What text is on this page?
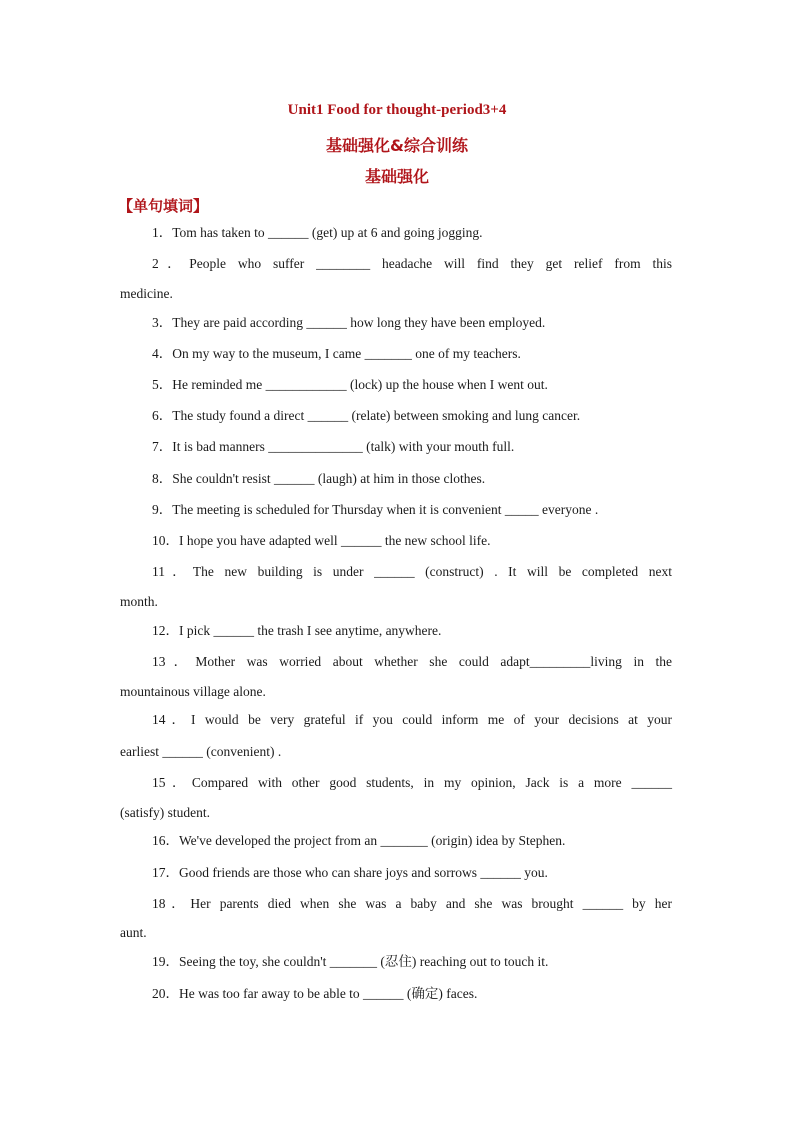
Unit1 Food for thought-period3+4
基础强化&综合训练
基础强化
【单句填词】
1．Tom has taken to ______ (get) up at 6 and going jogging.
2．People who suffer ________ headache will find they get relief from this
medicine.
3．They are paid according ______ how long they have been employed.
4．On my way to the museum, I came _______ one of my teachers.
5．He reminded me ____________ (lock) up the house when I went out.
6．The study found a direct ______ (relate) between smoking and lung cancer.
7．It is bad manners ______________ (talk) with your mouth full.
8．She couldn't resist ______ (laugh) at him in those clothes.
9．The meeting is scheduled for Thursday when it is convenient _____ everyone .
10．I hope you have adapted well ______ the new school life.
11．The new building is under ______ (construct) . It will be completed next
month.
12．I pick ______ the trash I see anytime, anywhere.
13．Mother was worried about whether she could adapt_________living in the
mountainous village alone.
14．I would be very grateful if you could inform me of your decisions at your
earliest ______ (convenient) .
15．Compared with other good students, in my opinion, Jack is a more ______
(satisfy) student.
16．We've developed the project from an _______ (origin) idea by Stephen.
17．Good friends are those who can share joys and sorrows ______ you.
18．Her parents died when she was a baby and she was brought ______ by her
aunt.
19．Seeing the toy, she couldn't _______ (忍住) reaching out to touch it.
20．He was too far away to be able to ______ (确定) faces.
